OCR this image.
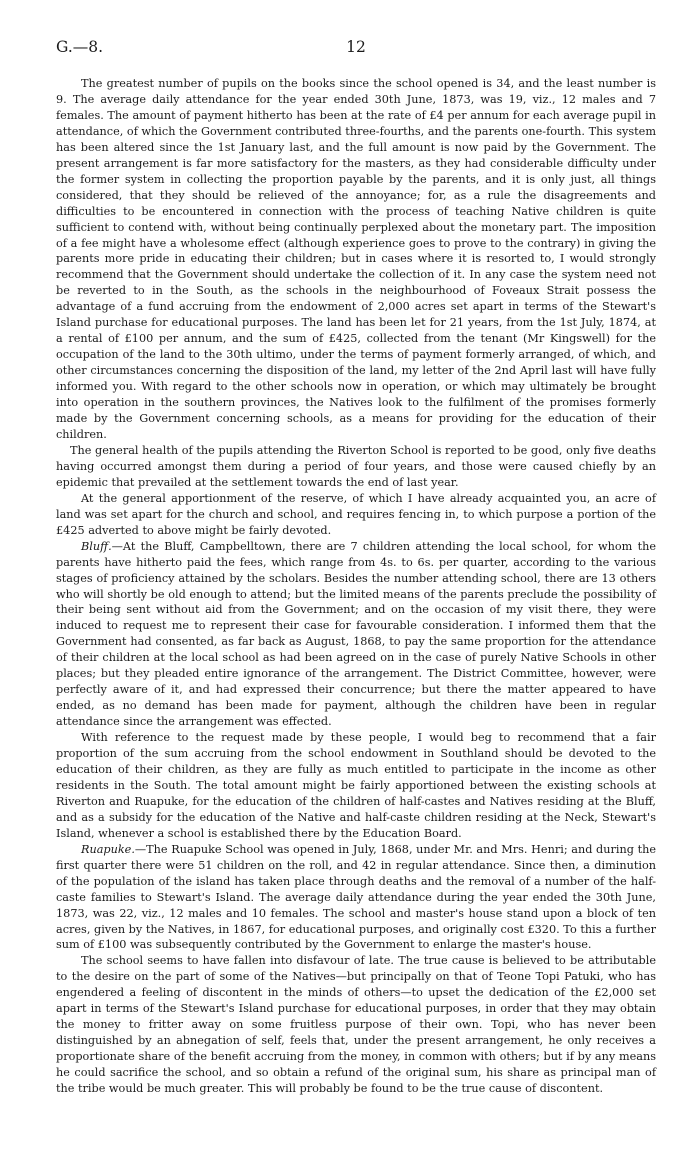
G.—8.	12

The greatest number of pupils on the books since the school opened is 34, and the least number is 9. The average daily attendance for the year ended 30th June, 1873, was 19, viz., 12 males and 7 females. The amount of payment hitherto has been at the rate of £4 per annum for each average pupil in attendance, of which the Government contributed three-fourths, and the parents one-fourth. This system has been altered since the 1st January last, and the full amount is now paid by the Government. The present arrangement is far more satisfactory for the masters, as they had considerable difficulty under the former system in collecting the proportion payable by the parents, and it is only just, all things considered, that they should be relieved of the annoyance; for, as a rule the disagreements and difficulties to be encountered in connection with the process of teaching Native children is quite sufficient to contend with, without being continually perplexed about the monetary part. The imposition of a fee might have a wholesome effect (although experience goes to prove to the contrary) in giving the parents more pride in educating their children; but in cases where it is resorted to, I would strongly recommend that the Government should undertake the collection of it. In any case the system need not be reverted to in the South, as the schools in the neighbourhood of Foveaux Strait possess the advantage of a fund accruing from the endowment of 2,000 acres set apart in terms of the Stewart's Island purchase for educational purposes. The land has been let for 21 years, from the 1st July, 1874, at a rental of £100 per annum, and the sum of £425, collected from the tenant (Mr Kingswell) for the occupation of the land to the 30th ultimo, under the terms of payment formerly arranged, of which, and other circumstances concerning the disposition of the land, my letter of the 2nd April last will have fully informed you. With regard to the other schools now in operation, or which may ultimately be brought into operation in the southern provinces, the Natives look to the fulfilment of the promises formerly made by the Government concerning schools, as a means for providing for the education of their children.

The general health of the pupils attending the Riverton School is reported to be good, only five deaths having occurred amongst them during a period of four years, and those were caused chiefly by an epidemic that prevailed at the settlement towards the end of last year.

At the general apportionment of the reserve, of which I have already acquainted you, an acre of land was set apart for the church and school, and requires fencing in, to which purpose a portion of the £425 adverted to above might be fairly devoted.

Bluff.—At the Bluff, Campbelltown, there are 7 children attending the local school, for whom the parents have hitherto paid the fees, which range from 4s. to 6s. per quarter, according to the various stages of proficiency attained by the scholars. Besides the number attending school, there are 13 others who will shortly be old enough to attend; but the limited means of the parents preclude the possibility of their being sent without aid from the Government; and on the occasion of my visit there, they were induced to request me to represent their case for favourable consideration. I informed them that the Government had consented, as far back as August, 1868, to pay the same proportion for the attendance of their children at the local school as had been agreed on in the case of purely Native Schools in other places; but they pleaded entire ignorance of the arrangement. The District Committee, however, were perfectly aware of it, and had expressed their concurrence; but there the matter appeared to have ended, as no demand has been made for payment, although the children have been in regular attendance since the arrangement was effected.

With reference to the request made by these people, I would beg to recommend that a fair proportion of the sum accruing from the school endowment in Southland should be devoted to the education of their children, as they are fully as much entitled to participate in the income as other residents in the South. The total amount might be fairly apportioned between the existing schools at Riverton and Ruapuke, for the education of the children of half-castes and Natives residing at the Bluff, and as a subsidy for the education of the Native and half-caste children residing at the Neck, Stewart's Island, whenever a school is established there by the Education Board.

Ruapuke.—The Ruapuke School was opened in July, 1868, under Mr. and Mrs. Henri; and during the first quarter there were 51 children on the roll, and 42 in regular attendance. Since then, a diminution of the population of the island has taken place through deaths and the removal of a number of the half-caste families to Stewart's Island. The average daily attendance during the year ended the 30th June, 1873, was 22, viz., 12 males and 10 females. The school and master's house stand upon a block of ten acres, given by the Natives, in 1867, for educational purposes, and originally cost £320. To this a further sum of £100 was subsequently contributed by the Government to enlarge the master's house.

The school seems to have fallen into disfavour of late. The true cause is believed to be attributable to the desire on the part of some of the Natives—but principally on that of Teone Topi Patuki, who has engendered a feeling of discontent in the minds of others—to upset the dedication of the £2,000 set apart in terms of the Stewart's Island purchase for educational purposes, in order that they may obtain the money to fritter away on some fruitless purpose of their own. Topi, who has never been distinguished by an abnegation of self, feels that, under the present arrangement, he only receives a proportionate share of the benefit accruing from the money, in common with others; but if by any means he could sacrifice the school, and so obtain a refund of the original sum, his share as principal man of the tribe would be much greater. This will probably be found to be the true cause of discontent.
